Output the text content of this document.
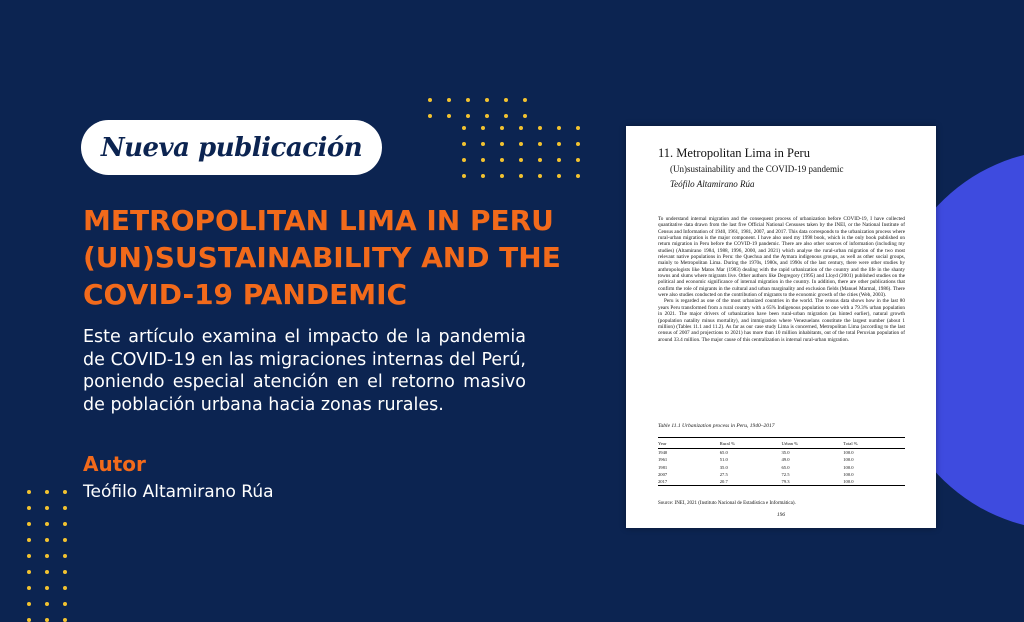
Nueva publicación
METROPOLITAN LIMA IN PERU (UN)SUSTAINABILITY AND THE COVID-19 PANDEMIC

Este artículo examina el impacto de la pandemia de COVID-19 en las migraciones internas del Perú, poniendo especial atención en el retorno masivo de población urbana hacia zonas rurales.

Autor
Teófilo Altamirano Rúa
11. Metropolitan Lima in Peru
(Un)sustainability and the COVID-19 pandemic
Teófilo Altamirano Rúa

To understand internal migration and the consequent process of urbanization before COVID-19, I have collected quantitative data drawn from the last five Official National Censuses taken by the INEI, or the National Institute of Census and Information of 1940, 1961, 1981, 2007, and 2017. This data corresponds to the urbanization process where rural-urban migration is the major component. I have also used my 1998 book, which is the only book published on return migration in Peru before the COVID-19 pandemic. There are also other sources of information (including my studies) (Altamirano 1984, 1988, 1996, 2000, and 2021) which analyse the rural-urban migration of the two most relevant native populations in Peru: the Quechua and the Aymara indigenous groups, as well as other social groups, mainly to Metropolitan Lima. During the 1970s, 1980s, and 1990s of the last century, there were other studies by anthropologists like Matos Mar (1983) dealing with the rapid urbanization of the country and the life in the shanty towns and slums where migrants live. Other authors like Degregory (1995) and Lloyd (2001) published studies on the political and economic significance of internal migration in the country. In addition, there are other publications that confirm the role of migrants in the cultural and urban marginality and exclusion fields (Manuel Marmal, 1986). There were also studies conducted on the contribution of migrants to the economic growth of the cities (Web, 2003).

Peru is regarded as one of the most urbanized countries in the world. The census data shows how in the last 80 years Peru transformed from a rural country with a 65% Indigenous population to one with a 79.3% urban population in 2021. The major drivers of urbanization have been rural-urban migration (as hinted earlier), natural growth (population natality minus mortality), and immigration where Venezuelans constitute the largest number (about 1 million) (Tables 11.1 and 11.2). As far as our case study Lima is concerned, Metropolitan Lima (according to the last census of 2007 and projections to 2021) has more than 10 million inhabitants, out of the total Peruvian population of around 33.4 million. The major cause of this centralization is internal rural-urban migration.

Table 11.1 Urbanization process in Peru, 1940–2017
Year	Rural %	Urban %	Total %
1940	65.0	35.0	100.0
1961	51.0	49.0	100.0
1981	35.0	65.0	100.0
2007	27.5	72.5	100.0
2017	20.7	79.3	100.0
Source: INEI, 2021 (Instituto Nacional de Estadística e Informática).
196
